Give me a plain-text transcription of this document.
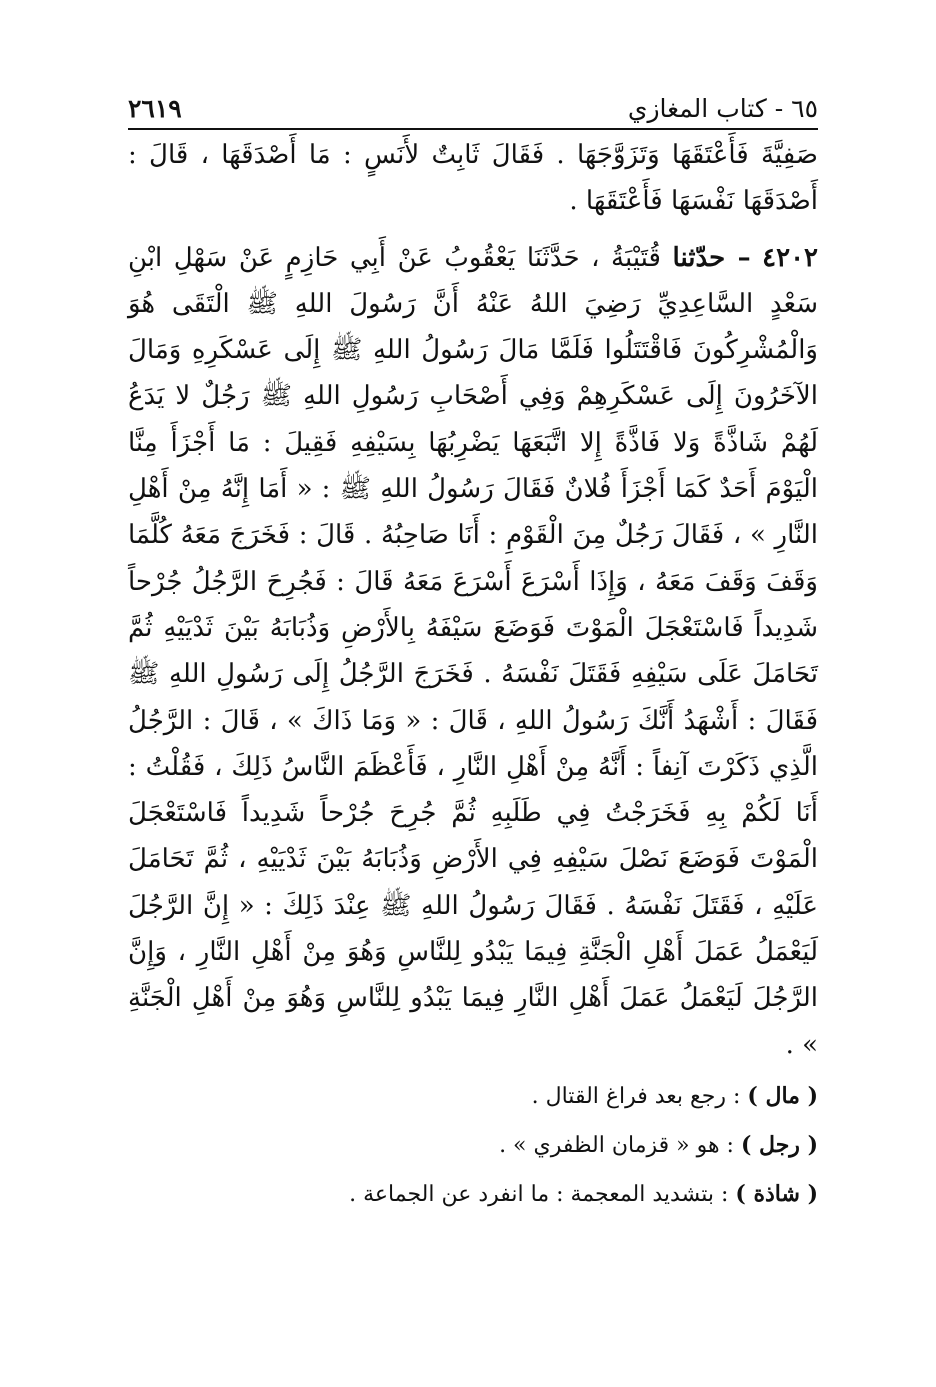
٦٥ - كتاب المغازي
٢٦١٩

صَفِيَّةَ فَأَعْتَقَهَا وَتَزَوَّجَهَا . فَقَالَ ثَابِتٌ لأَنَسٍ : مَا أَصْدَقَهَا ، قَالَ : أَصْدَقَهَا نَفْسَهَا فَأَعْتَقَهَا .

٤٢٠٢ – حدّثنا قُتَيْبَةُ ، حَدَّثَنَا يَعْقُوبُ عَنْ أَبِي حَازِمٍ عَنْ سَهْلِ ابْنِ سَعْدٍ السَّاعِدِيِّ رَضِيَ اللهُ عَنْهُ أَنَّ رَسُولَ اللهِ ﷺ الْتَقَى هُوَ وَالْمُشْرِكُونَ فَاقْتَتَلُوا فَلَمَّا مَالَ رَسُولُ اللهِ ﷺ إِلَى عَسْكَرِهِ وَمَالَ الآخَرُونَ إِلَى عَسْكَرِهِمْ وَفِي أَصْحَابِ رَسُولِ اللهِ ﷺ رَجُلٌ لا يَدَعُ لَهُمْ شَاذَّةً وَلا فَاذَّةً إِلا اتَّبَعَهَا يَضْرِبُهَا بِسَيْفِهِ فَقِيلَ : مَا أَجْزَأَ مِنَّا الْيَوْمَ أَحَدٌ كَمَا أَجْزَأَ فُلانٌ فَقَالَ رَسُولُ اللهِ ﷺ : « أَمَا إِنَّهُ مِنْ أَهْلِ النَّارِ » ، فَقَالَ رَجُلٌ مِنَ الْقَوْمِ : أَنَا صَاحِبُهُ . قَالَ : فَخَرَجَ مَعَهُ كُلَّمَا وَقَفَ وَقَفَ مَعَهُ ، وَإِذَا أَسْرَعَ أَسْرَعَ مَعَهُ قَالَ : فَجُرِحَ الرَّجُلُ جُرْحاً شَدِيداً فَاسْتَعْجَلَ الْمَوْتَ فَوَضَعَ سَيْفَهُ بِالأَرْضِ وَذُبَابَهُ بَيْنَ ثَدْيَيْهِ ثُمَّ تَحَامَلَ عَلَى سَيْفِهِ فَقَتَلَ نَفْسَهُ . فَخَرَجَ الرَّجُلُ إِلَى رَسُولِ اللهِ ﷺ فَقَالَ : أَشْهَدُ أَنَّكَ رَسُولُ اللهِ ، قَالَ : « وَمَا ذَاكَ » ، قَالَ : الرَّجُلُ الَّذِي ذَكَرْتَ آنِفاً : أَنَّهُ مِنْ أَهْلِ النَّارِ ، فَأَعْظَمَ النَّاسُ ذَلِكَ ، فَقُلْتُ : أَنَا لَكُمْ بِهِ فَخَرَجْتُ فِي طَلَبِهِ ثُمَّ جُرِحَ جُرْحاً شَدِيداً فَاسْتَعْجَلَ الْمَوْتَ فَوَضَعَ نَصْلَ سَيْفِهِ فِي الأَرْضِ وَذُبَابَهُ بَيْنَ ثَدْيَيْهِ ، ثُمَّ تَحَامَلَ عَلَيْهِ ، فَقَتَلَ نَفْسَهُ . فَقَالَ رَسُولُ اللهِ ﷺ عِنْدَ ذَلِكَ : « إِنَّ الرَّجُلَ لَيَعْمَلُ عَمَلَ أَهْلِ الْجَنَّةِ فِيمَا يَبْدُو لِلنَّاسِ وَهُوَ مِنْ أَهْلِ النَّارِ ، وَإِنَّ الرَّجُلَ لَيَعْمَلُ عَمَلَ أَهْلِ النَّارِ فِيمَا يَبْدُو لِلنَّاسِ وَهُوَ مِنْ أَهْلِ الْجَنَّةِ » .

( مال ) : رجع بعد فراغ القتال .

( رجل ) : هو « قزمان الظفري » .

( شاذة ) : بتشديد المعجمة : ما انفرد عن الجماعة .
